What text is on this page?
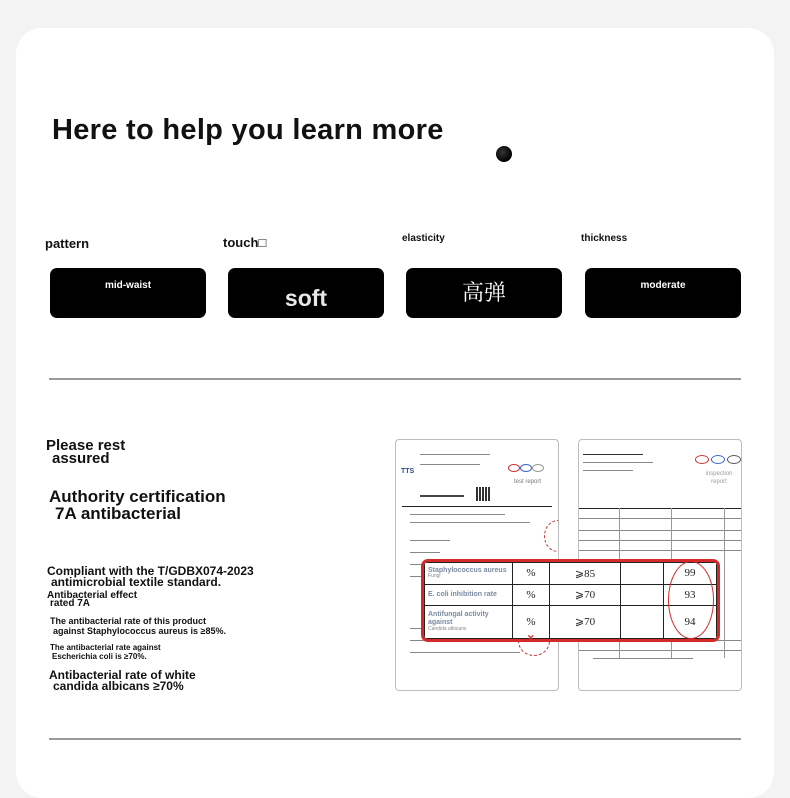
Here to help you learn more
pattern	touch□	elasticity	thickness
mid-waist	soft	高弹	moderate
Please rest
assured
Authority certification
7A antibacterial
Compliant with the T/GDBX074-2023
antimicrobial textile standard.
Antibacterial effect
rated 7A
The antibacterial rate of this product
against Staphylococcus aureus is ≥85%.
The antibacterial rate against
Escherichia coli is ≥70%.
Antibacterial rate of white
candida albicans ≥70%
TTS
test report
inspection report
Staphylococcus aureus
Fungi	%	⩾85		99
E. coli inhibition rate	%	⩾70		93
Antifungal activity against
Candida albicans	%	⩾70		94
✕
